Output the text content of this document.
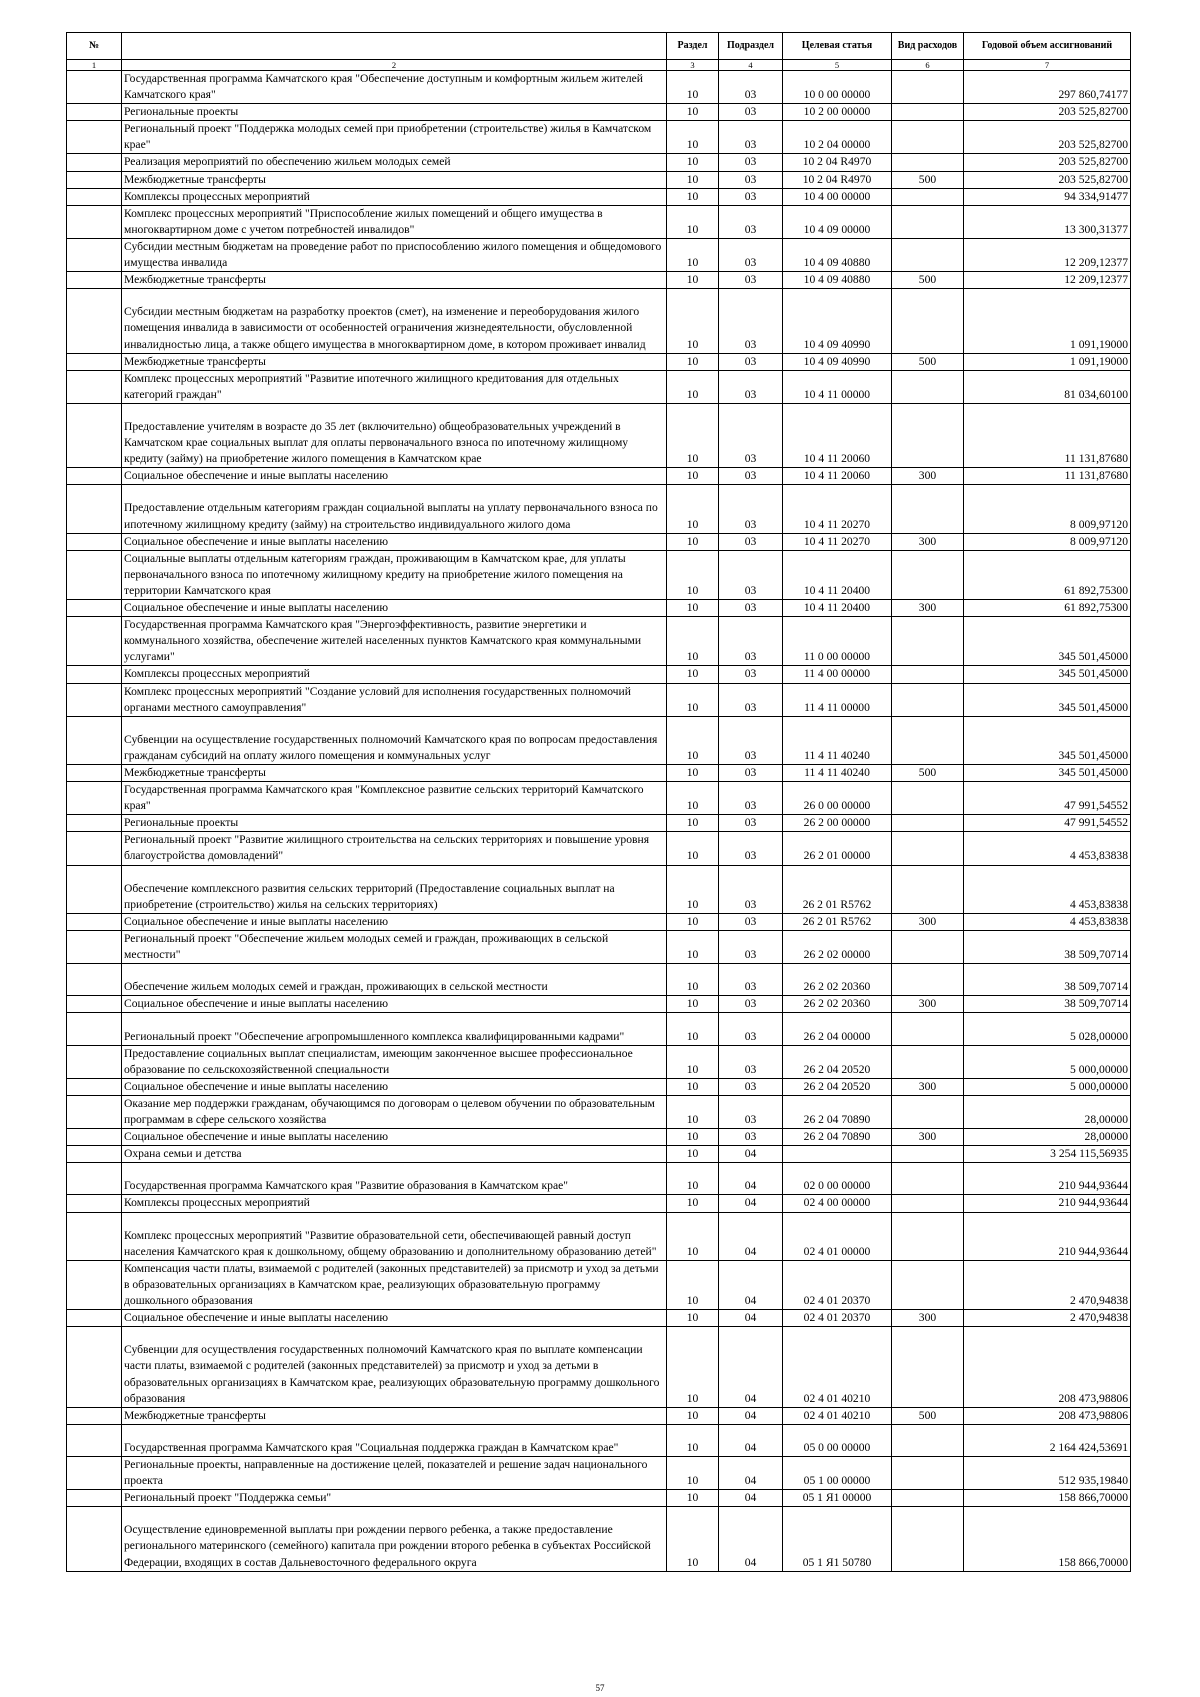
№		Раздел	Подраздел	Целевая статья	Вид расходов	Годовой объем ассигнований
1	2	3	4	5	6	7
	Государственная программа Камчатского края "Обеспечение доступным и комфортным жильем жителей Камчатского края"	10	03	10 0 00 00000		297 860,74177
	Региональные проекты	10	03	10 2 00 00000		203 525,82700
	Региональный проект "Поддержка молодых семей при приобретении (строительстве) жилья в Камчатском крае"	10	03	10 2 04 00000		203 525,82700
	Реализация мероприятий по обеспечению жильем молодых семей	10	03	10 2 04 R4970		203 525,82700
	Межбюджетные трансферты	10	03	10 2 04 R4970	500	203 525,82700
	Комплексы процессных мероприятий	10	03	10 4 00 00000		94 334,91477
	Комплекс процессных мероприятий "Приспособление жилых помещений и общего имущества в многоквартирном доме с учетом потребностей инвалидов"	10	03	10 4 09 00000		13 300,31377
	Субсидии местным бюджетам на проведение работ по приспособлению жилого помещения и общедомового имущества инвалида	10	03	10 4 09 40880		12 209,12377
	Межбюджетные трансферты	10	03	10 4 09 40880	500	12 209,12377
	Субсидии местным бюджетам на разработку проектов (смет), на изменение и переоборудования жилого помещения инвалида в зависимости от особенностей ограничения жизнедеятельности, обусловленной инвалидностью лица, а также общего имущества в многоквартирном доме, в котором проживает инвалид	10	03	10 4 09 40990		1 091,19000
	Межбюджетные трансферты	10	03	10 4 09 40990	500	1 091,19000
	Комплекс процессных мероприятий "Развитие ипотечного жилищного кредитования для отдельных категорий граждан"	10	03	10 4 11 00000		81 034,60100
	Предоставление учителям в возрасте до 35 лет (включительно) общеобразовательных учреждений в Камчатском крае социальных выплат для оплаты первоначального взноса по ипотечному жилищному кредиту (займу) на приобретение жилого помещения в Камчатском крае	10	03	10 4 11 20060		11 131,87680
	Социальное обеспечение и иные выплаты населению	10	03	10 4 11 20060	300	11 131,87680
	Предоставление отдельным категориям граждан социальной выплаты на уплату первоначального взноса по ипотечному жилищному кредиту (займу) на строительство индивидуального жилого дома	10	03	10 4 11 20270		8 009,97120
	Социальное обеспечение и иные выплаты населению	10	03	10 4 11 20270	300	8 009,97120
	Социальные выплаты отдельным категориям граждан, проживающим в Камчатском крае, для уплаты первоначального взноса по ипотечному жилищному кредиту на приобретение жилого помещения на территории Камчатского края	10	03	10 4 11 20400		61 892,75300
	Социальное обеспечение и иные выплаты населению	10	03	10 4 11 20400	300	61 892,75300
	Государственная программа Камчатского края "Энергоэффективность, развитие энергетики и коммунального хозяйства, обеспечение жителей населенных пунктов Камчатского края коммунальными услугами"	10	03	11 0 00 00000		345 501,45000
	Комплексы процессных мероприятий	10	03	11 4 00 00000		345 501,45000
	Комплекс процессных мероприятий "Создание условий для исполнения государственных полномочий органами местного самоуправления"	10	03	11 4 11 00000		345 501,45000
	Субвенции на осуществление государственных полномочий Камчатского края по вопросам предоставления гражданам субсидий на оплату жилого помещения и коммунальных услуг	10	03	11 4 11 40240		345 501,45000
	Межбюджетные трансферты	10	03	11 4 11 40240	500	345 501,45000
	Государственная программа Камчатского края "Комплексное развитие сельских территорий Камчатского края"	10	03	26 0 00 00000		47 991,54552
	Региональные проекты	10	03	26 2 00 00000		47 991,54552
	Региональный проект "Развитие жилищного строительства на сельских территориях и повышение уровня благоустройства домовладений"	10	03	26 2 01 00000		4 453,83838
	Обеспечение комплексного развития сельских территорий (Предоставление социальных выплат на приобретение (строительство) жилья на сельских территориях)	10	03	26 2 01 R5762		4 453,83838
	Социальное обеспечение и иные выплаты населению	10	03	26 2 01 R5762	300	4 453,83838
	Региональный проект "Обеспечение жильем молодых семей и граждан, проживающих в сельской местности"	10	03	26 2 02 00000		38 509,70714
	Обеспечение жильем молодых семей и граждан, проживающих в сельской местности	10	03	26 2 02 20360		38 509,70714
	Социальное обеспечение и иные выплаты населению	10	03	26 2 02 20360	300	38 509,70714
	Региональный проект "Обеспечение агропромышленного комплекса квалифицированными кадрами"	10	03	26 2 04 00000		5 028,00000
	Предоставление социальных выплат специалистам, имеющим законченное высшее профессиональное образование по сельскохозяйственной специальности	10	03	26 2 04 20520		5 000,00000
	Социальное обеспечение и иные выплаты населению	10	03	26 2 04 20520	300	5 000,00000
	Оказание мер поддержки гражданам, обучающимся по договорам о целевом обучении по образовательным программам в сфере сельского хозяйства	10	03	26 2 04 70890		28,00000
	Социальное обеспечение и иные выплаты населению	10	03	26 2 04 70890	300	28,00000
	Охрана семьи и детства	10	04			3 254 115,56935
	Государственная программа Камчатского края "Развитие образования в Камчатском крае"	10	04	02 0 00 00000		210 944,93644
	Комплексы процессных мероприятий	10	04	02 4 00 00000		210 944,93644
	Комплекс процессных мероприятий "Развитие образовательной сети, обеспечивающей равный доступ населения Камчатского края к дошкольному, общему образованию и дополнительному образованию детей"	10	04	02 4 01 00000		210 944,93644
	Компенсация части платы, взимаемой с родителей (законных представителей) за присмотр и уход за детьми в образовательных организациях в Камчатском крае, реализующих образовательную программу дошкольного образования	10	04	02 4 01 20370		2 470,94838
	Социальное обеспечение и иные выплаты населению	10	04	02 4 01 20370	300	2 470,94838
	Субвенции для осуществления государственных полномочий Камчатского края по выплате компенсации части платы, взимаемой с родителей (законных представителей) за присмотр и уход за детьми в образовательных организациях в Камчатском крае, реализующих образовательную программу дошкольного образования	10	04	02 4 01 40210		208 473,98806
	Межбюджетные трансферты	10	04	02 4 01 40210	500	208 473,98806
	Государственная программа Камчатского края "Социальная поддержка граждан в Камчатском крае"	10	04	05 0 00 00000		2 164 424,53691
	Региональные проекты, направленные на достижение целей, показателей и решение задач национального проекта	10	04	05 1 00 00000		512 935,19840
	Региональный проект "Поддержка семьи"	10	04	05 1 Я1 00000		158 866,70000
	Осуществление единовременной выплаты при рождении первого ребенка, а также предоставление регионального материнского (семейного) капитала при рождении второго ребенка в субъектах Российской Федерации, входящих в состав Дальневосточного федерального округа	10	04	05 1 Я1 50780		158 866,70000
57
